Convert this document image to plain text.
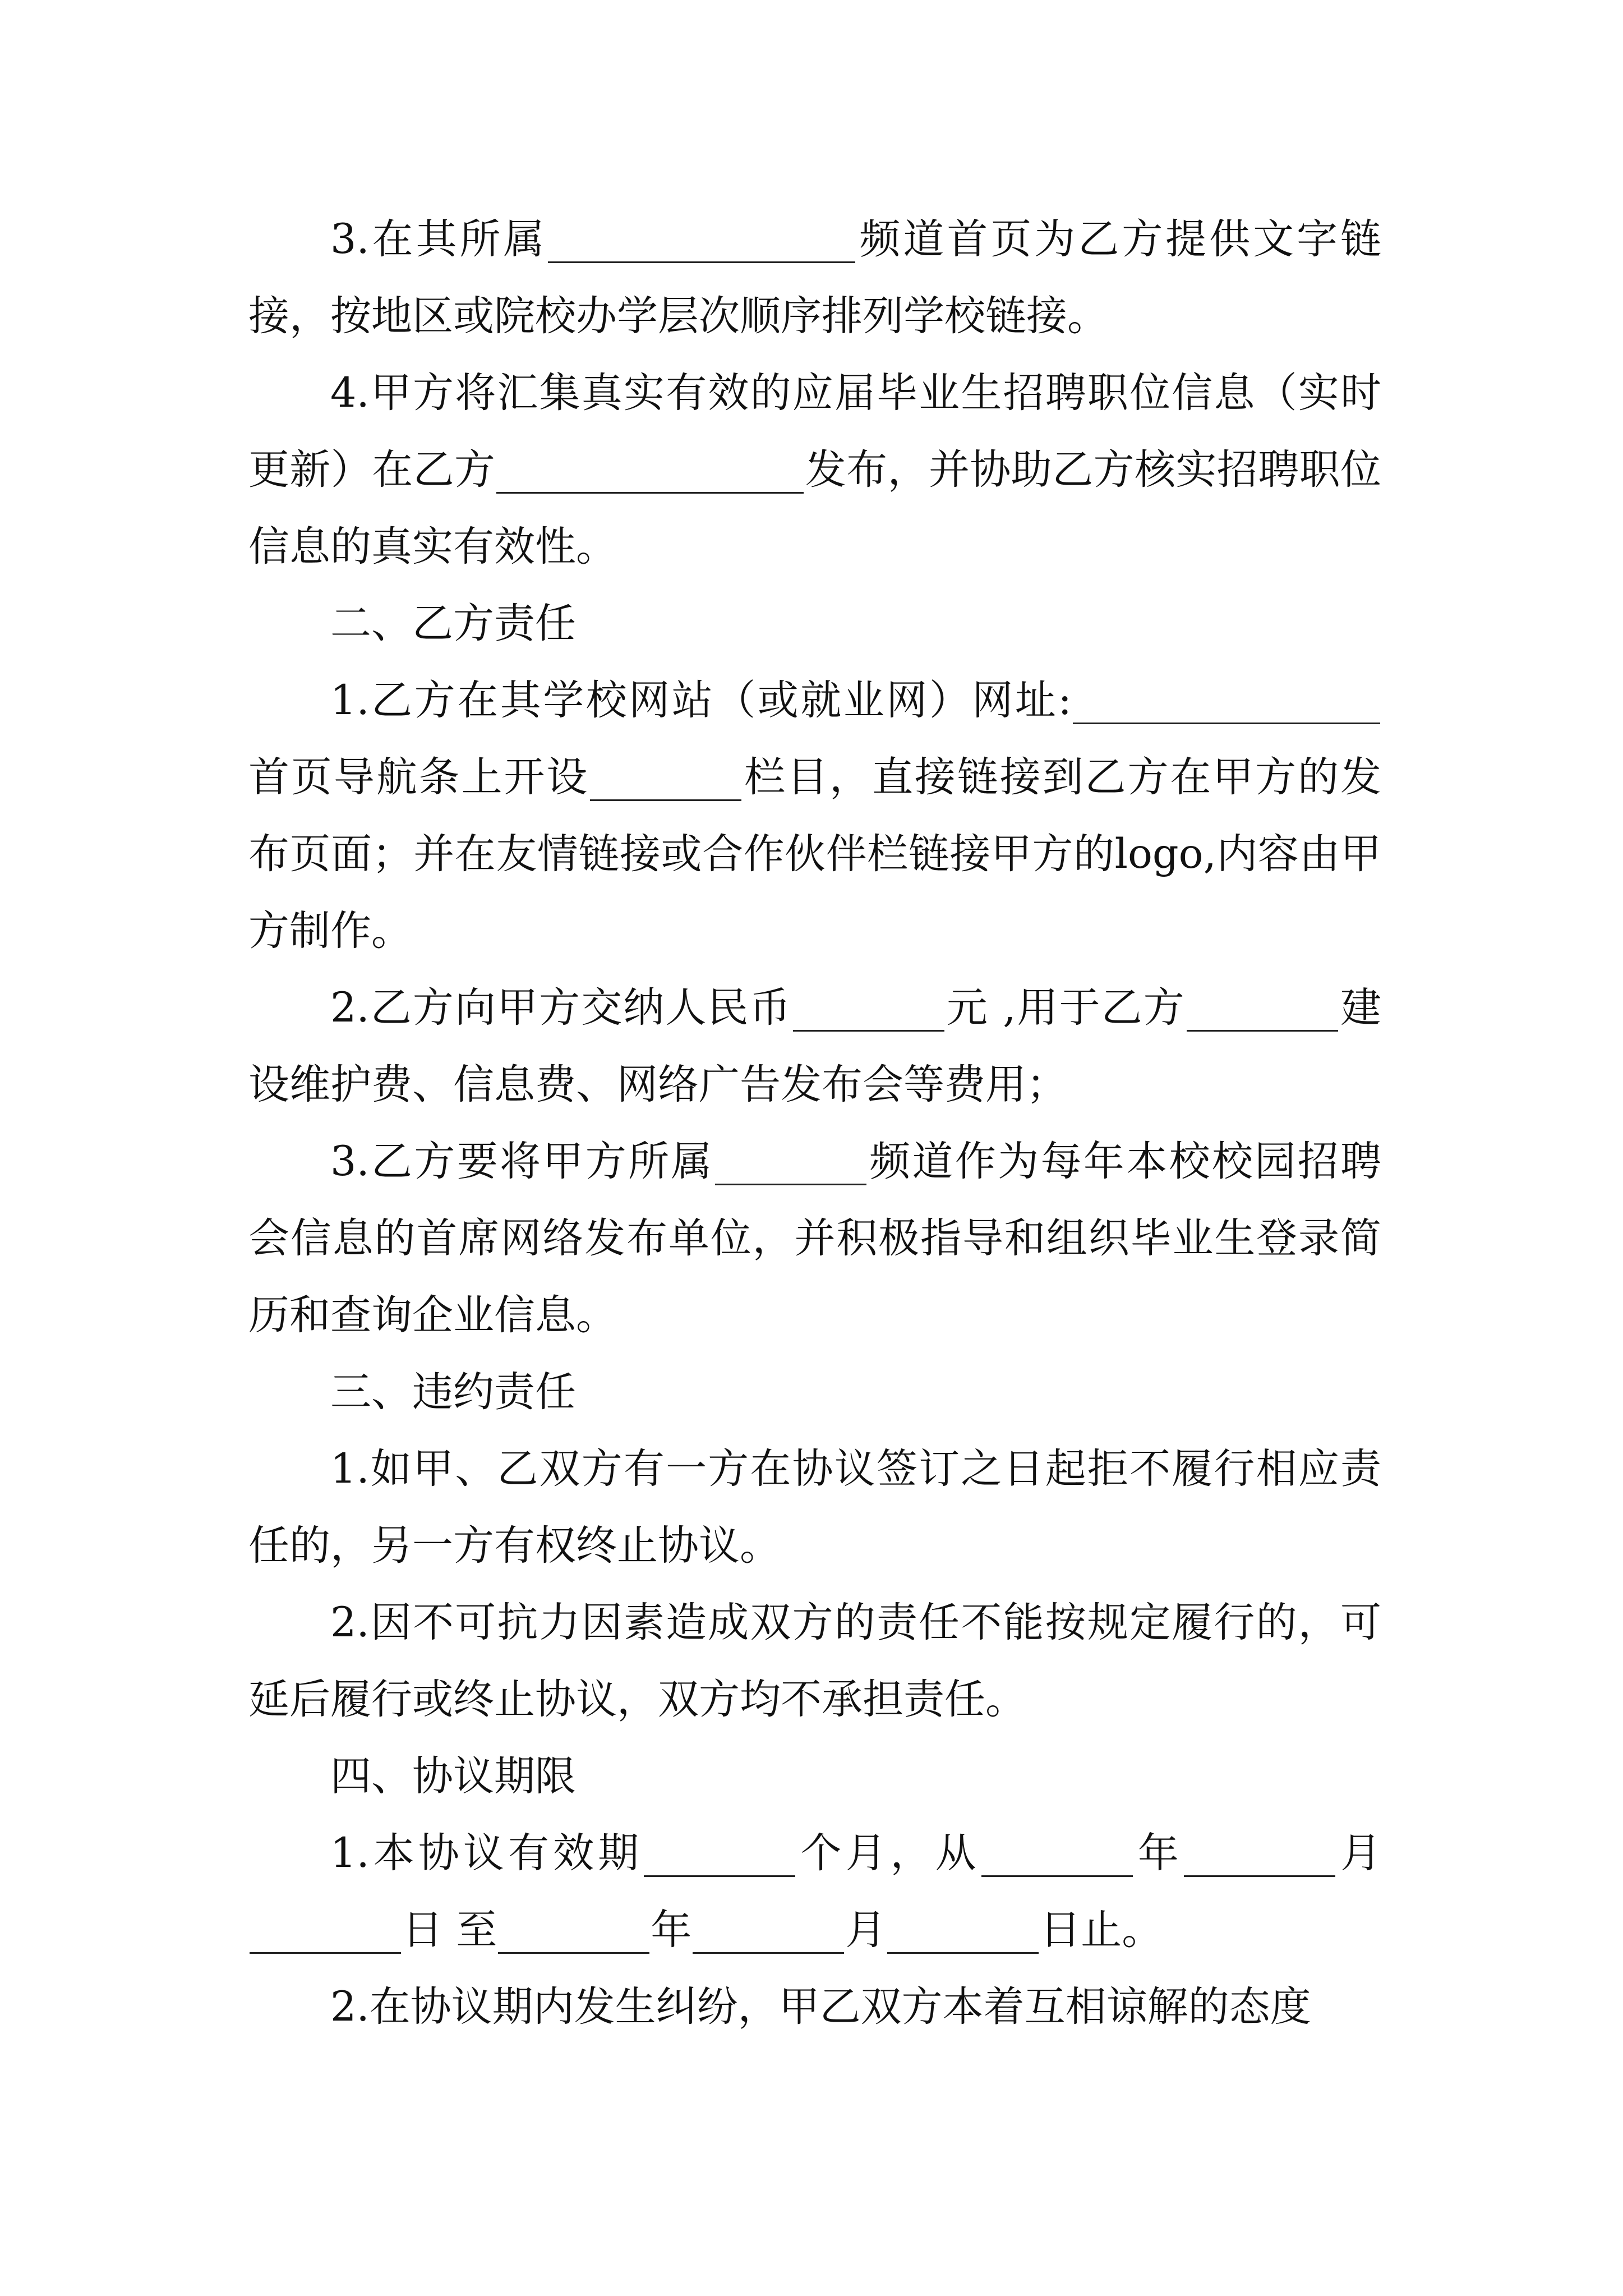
3.在其所属	频道首页为乙方提供文字链接，按地区或院校办学层次顺序排列学校链接。

4.甲方将汇集真实有效的应届毕业生招聘职位信息（实时更新）在乙方	发布，并协助乙方核实招聘职位信息的真实有效性。

二、乙方责任

1.乙方在其学校网站（或就业网）网址:首页导航条上开设	栏目，直接链接到乙方在甲方的发布页面；并在友情链接或合作伙伴栏链接甲方的logo,内容由甲方制作。

2.乙方向甲方交纳人民币	元 ,用于乙方	建设维护费、信息费、网络广告发布会等费用；

3.乙方要将甲方所属	频道作为每年本校校园招聘会信息的首席网络发布单位，并积极指导和组织毕业生登录简历和查询企业信息。

三、违约责任

1.如甲、乙双方有一方在协议签订之日起拒不履行相应责任的，另一方有权终止协议。

2.因不可抗力因素造成双方的责任不能按规定履行的，可延后履行或终止协议，双方均不承担责任。

四、协议期限

1.本协议有效期	个月，从	年	月日 至	年	月	日止。

2.在协议期内发生纠纷，甲乙双方本着互相谅解的态度
